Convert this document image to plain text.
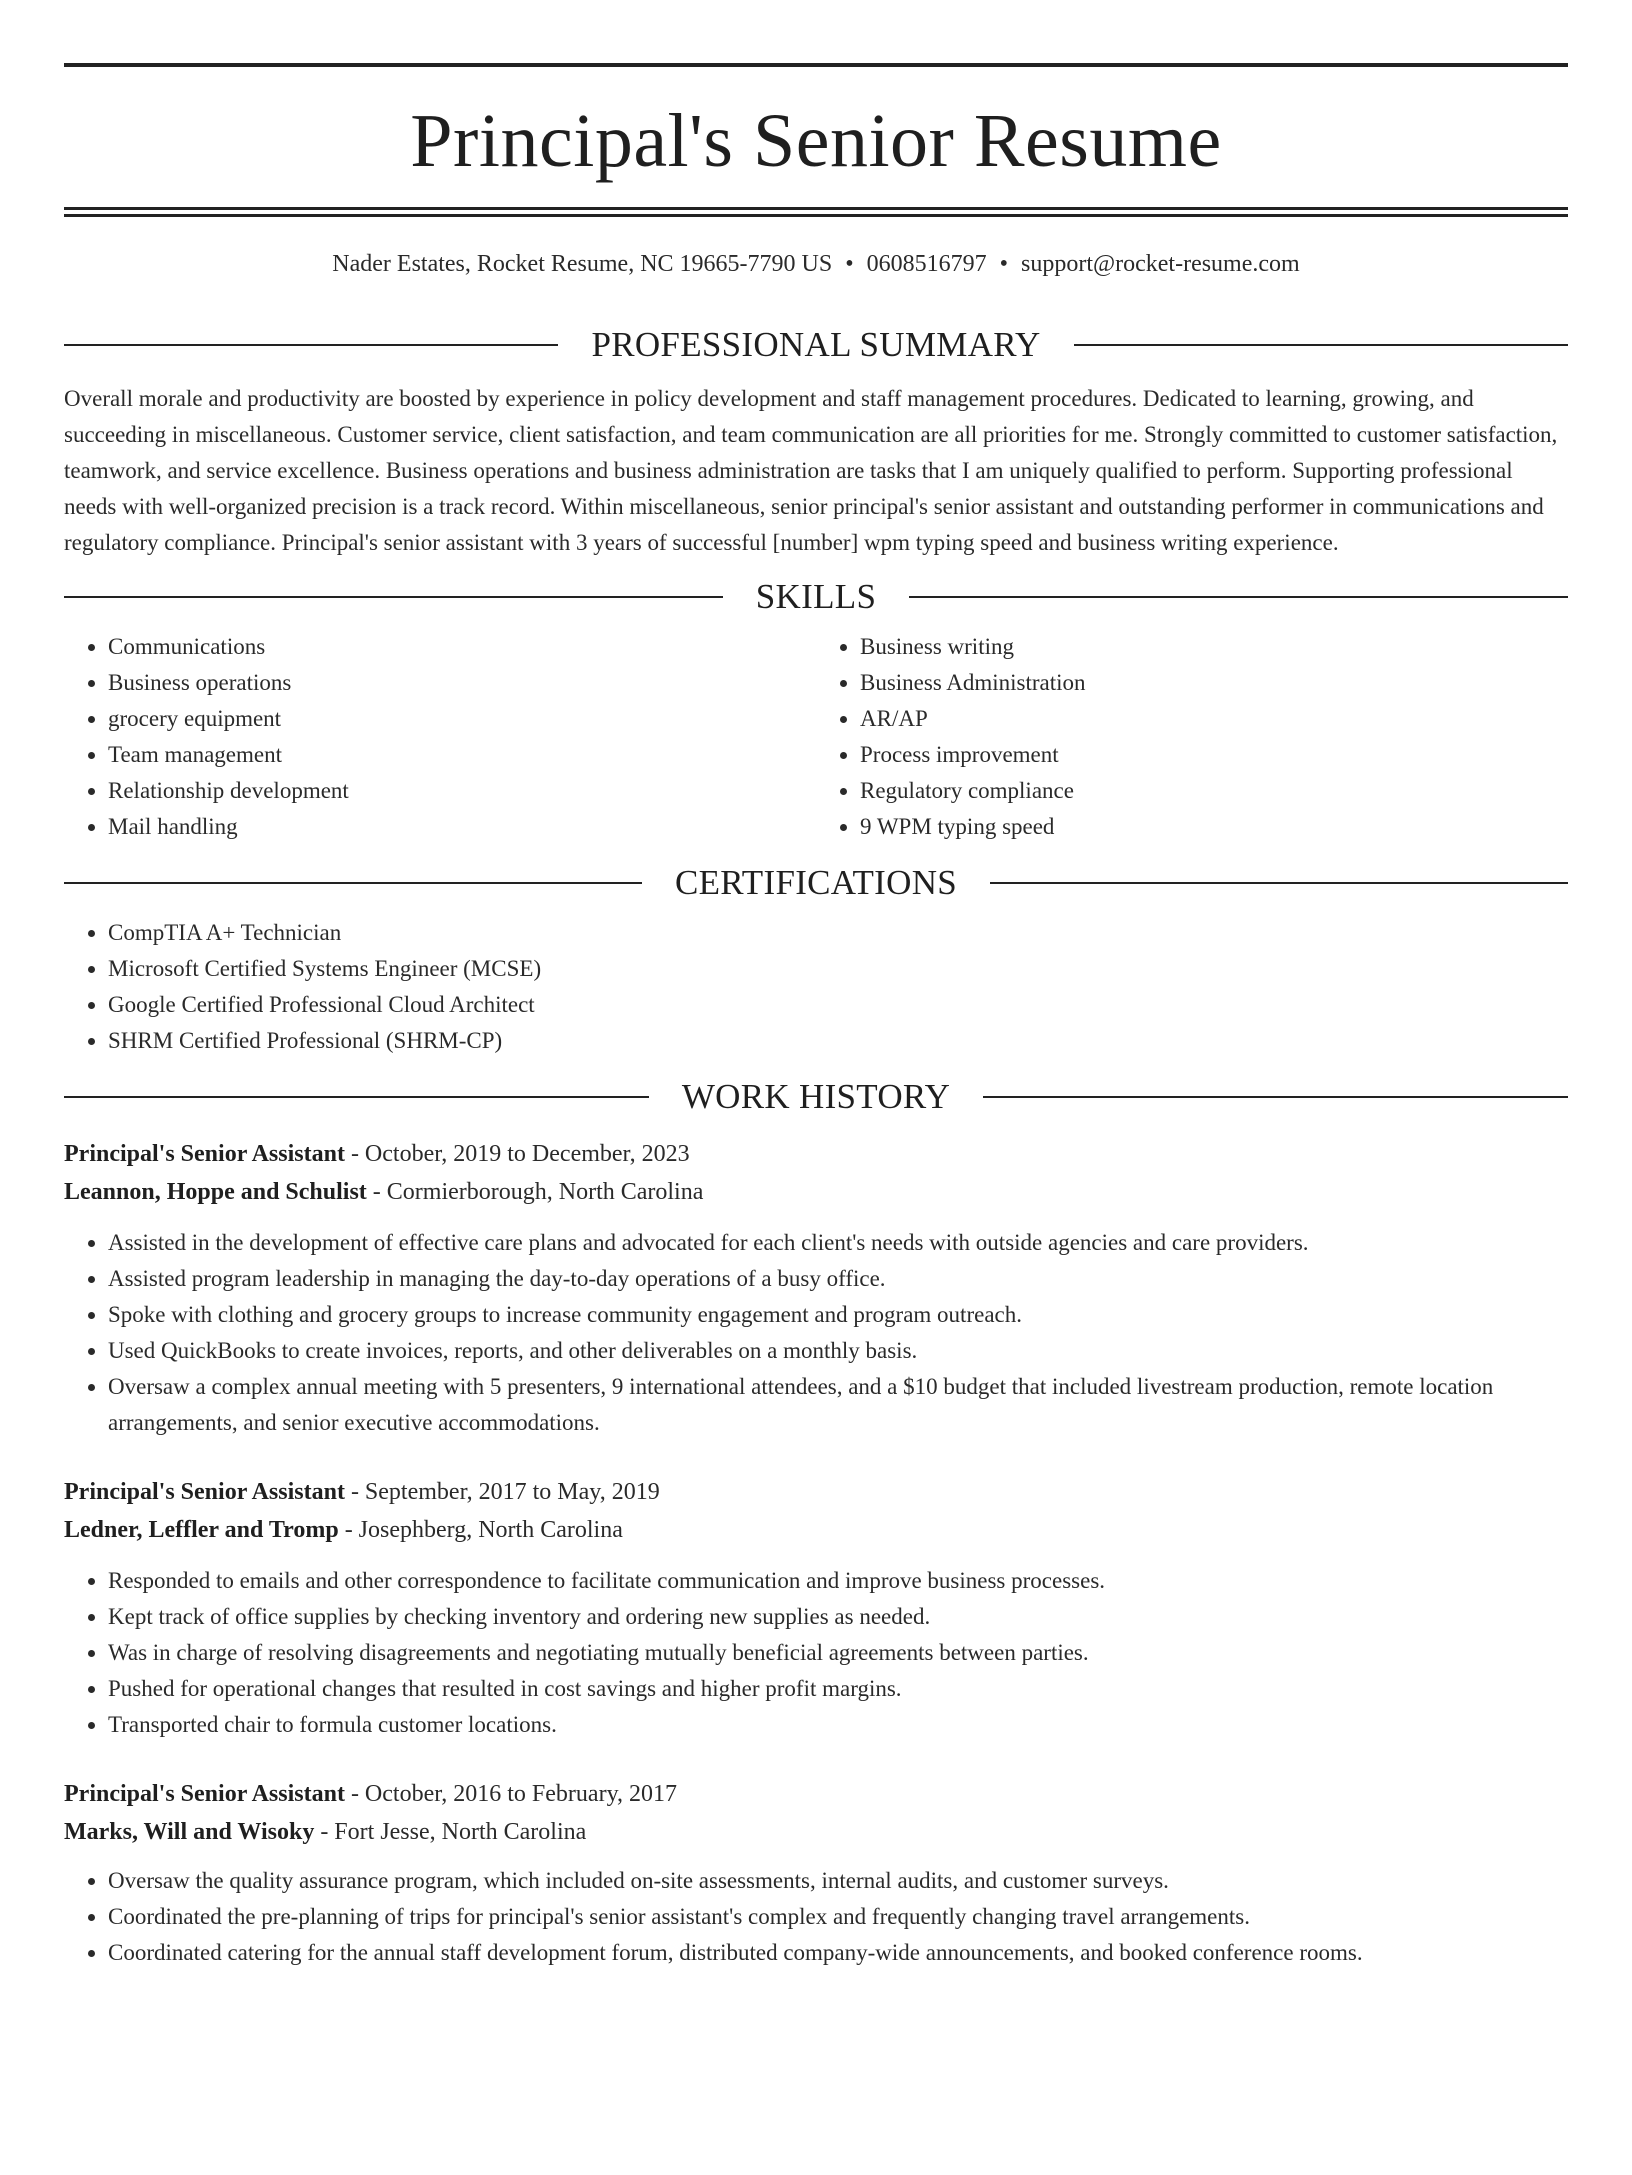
Principal's Senior Resume
Nader Estates, Rocket Resume, NC 19665-7790 US • 0608516797 • support@rocket-resume.com
PROFESSIONAL SUMMARY

Overall morale and productivity are boosted by experience in policy development and staff management procedures. Dedicated to learning, growing, and succeeding in miscellaneous. Customer service, client satisfaction, and team communication are all priorities for me. Strongly committed to customer satisfaction, teamwork, and service excellence. Business operations and business administration are tasks that I am uniquely qualified to perform. Supporting professional needs with well-organized precision is a track record. Within miscellaneous, senior principal's senior assistant and outstanding performer in communications and regulatory compliance. Principal's senior assistant with 3 years of successful [number] wpm typing speed and business writing experience.

SKILLS
• Communications
• Business operations
• grocery equipment
• Team management
• Relationship development
• Mail handling
• Business writing
• Business Administration
• AR/AP
• Process improvement
• Regulatory compliance
• 9 WPM typing speed
CERTIFICATIONS
• CompTIA A+ Technician
• Microsoft Certified Systems Engineer (MCSE)
• Google Certified Professional Cloud Architect
• SHRM Certified Professional (SHRM-CP)
WORK HISTORY
Principal's Senior Assistant - October, 2019 to December, 2023
Leannon, Hoppe and Schulist - Cormierborough, North Carolina
• Assisted in the development of effective care plans and advocated for each client's needs with outside agencies and care providers.
• Assisted program leadership in managing the day-to-day operations of a busy office.
• Spoke with clothing and grocery groups to increase community engagement and program outreach.
• Used QuickBooks to create invoices, reports, and other deliverables on a monthly basis.
• Oversaw a complex annual meeting with 5 presenters, 9 international attendees, and a $10 budget that included livestream production, remote location arrangements, and senior executive accommodations.
Principal's Senior Assistant - September, 2017 to May, 2019
Ledner, Leffler and Tromp - Josephberg, North Carolina
• Responded to emails and other correspondence to facilitate communication and improve business processes.
• Kept track of office supplies by checking inventory and ordering new supplies as needed.
• Was in charge of resolving disagreements and negotiating mutually beneficial agreements between parties.
• Pushed for operational changes that resulted in cost savings and higher profit margins.
• Transported chair to formula customer locations.
Principal's Senior Assistant - October, 2016 to February, 2017
Marks, Will and Wisoky - Fort Jesse, North Carolina
• Oversaw the quality assurance program, which included on-site assessments, internal audits, and customer surveys.
• Coordinated the pre-planning of trips for principal's senior assistant's complex and frequently changing travel arrangements.
• Coordinated catering for the annual staff development forum, distributed company-wide announcements, and booked conference rooms.
